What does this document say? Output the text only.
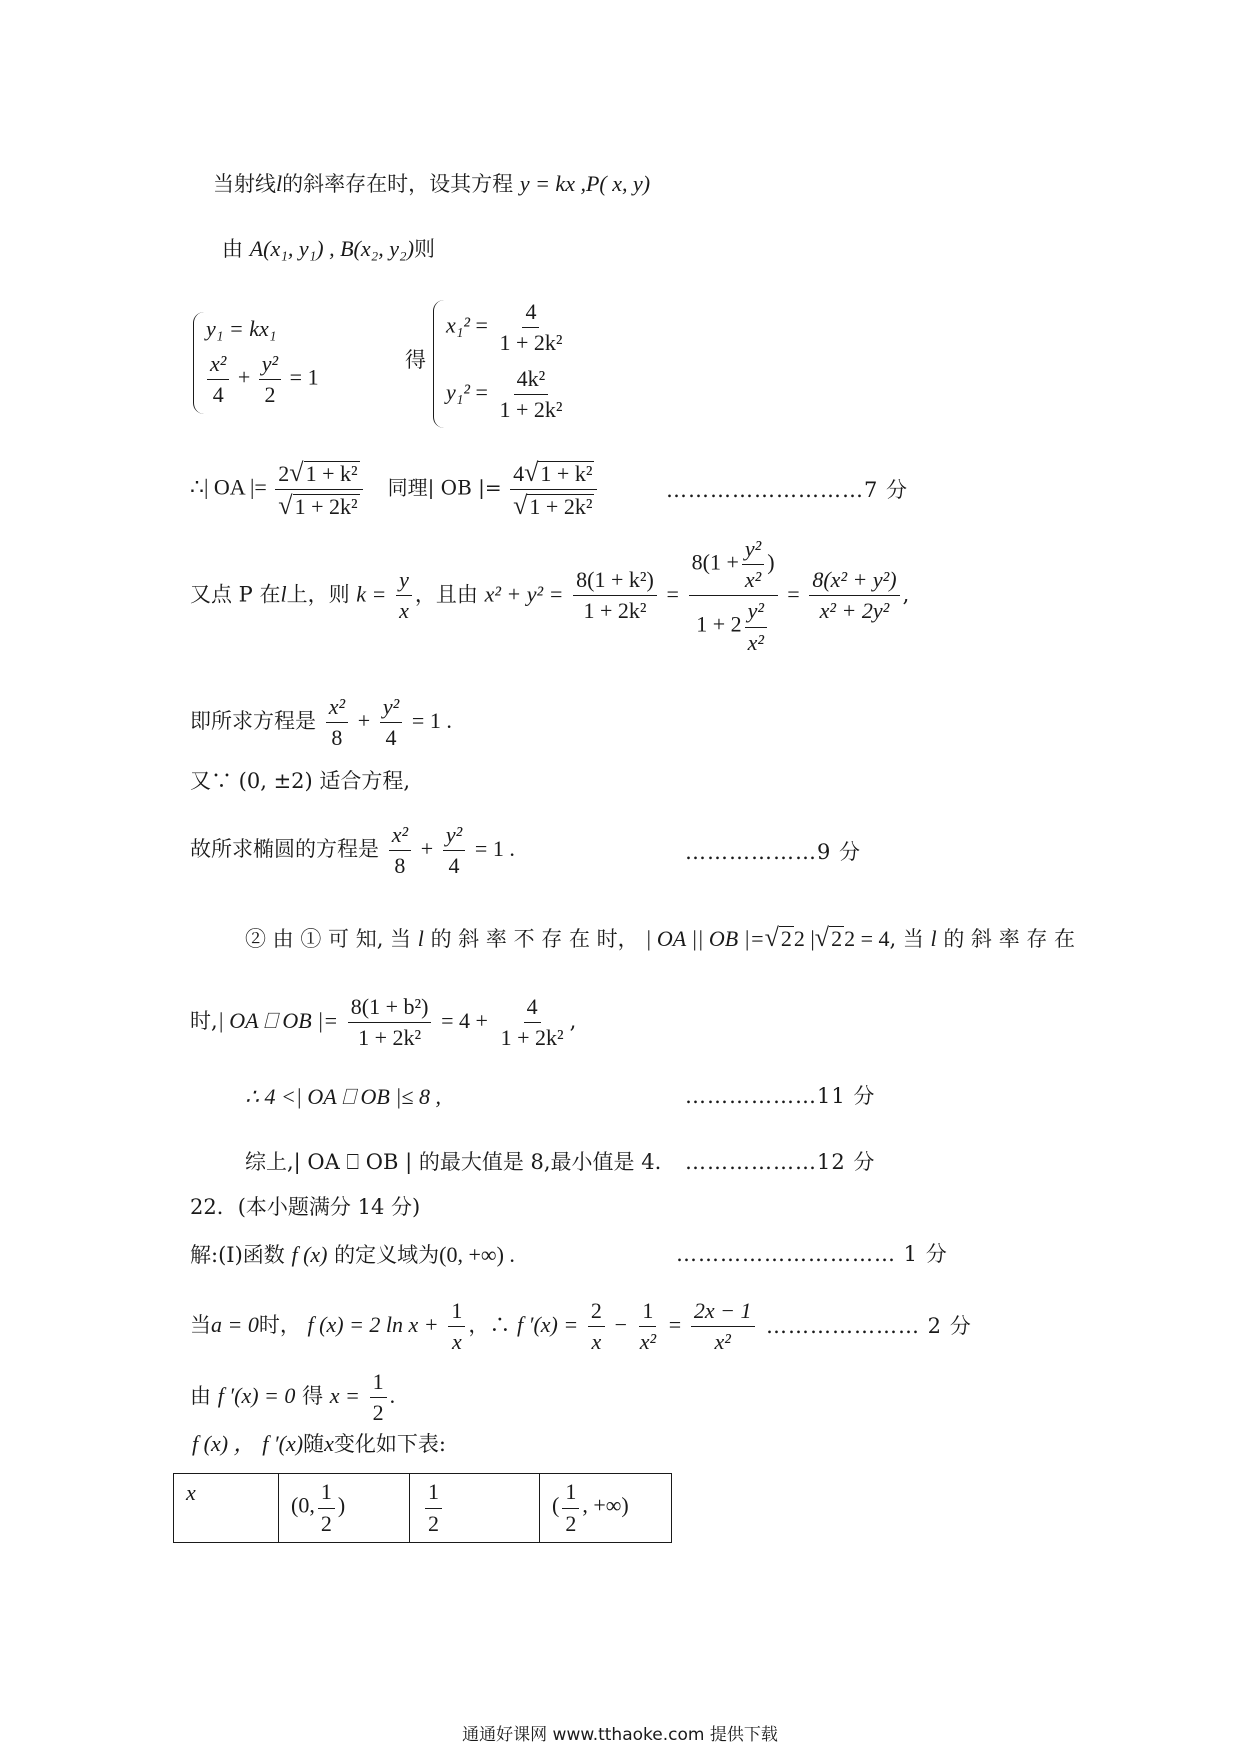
当射线l的斜率存在时，设其方程 y = kx ,P( x, y)
由 A(x₁, y₁) , B(x₂, y₂)则
y₁ = kx₁
$\frac{\text{x²}}{4} + \frac{\text{y²}}{2} = 1$
得
$x_1^2 = \frac{4}{\text{1 + 2k²}}$
$y_1^2 = \frac{\text{4k²}}{\text{1 + 2k²}}$
∴| OA |= $\frac{\text{2 √ 1 + k²}}{\text{√ 1 + 2k²}}$ 同理| OB |= $\frac{\text{4 √ 1 + k²}}{\text{√ 1 + 2k²}}$	………………………7 分
又点 P 在l上，则 $k = \frac{y}{x}$ ，且由 $x^2 + y^2 = \frac{\text{8(1 + k²)}}{\text{1 + 2k²}} = \frac{8(1 + \frac{\text{y²}}{\text{x²}} )}{1 + 2 \frac{\text{y²}}{\text{x²}}} = \frac{\text{8(x² + y²)}}{\text{x² + 2y²}}$ ,
即所求方程是 $\frac{\text{x²}}{8} + \frac{\text{y²}}{4} = 1$ .
又∵ (0, ±2) 适合方程,
故所求椭圆的方程是 $\frac{\text{x²}}{8} + \frac{\text{y²}}{4} = 1$ .	………………9 分
② 由 ① 可 知, 当 l 的 斜 率 不 存 在 时， | OA || OB |= √ 2 2 | √ 2 2 = 4, 当 l 的 斜 率 存 在
时,| OA ⎕ OB |= $\frac{\text{8(1 + b²)}}{\text{1 + 2k²}} = 4 + \frac{4}{\text{1 + 2k²}}$ ,
∴ 4 <| OA ⎕ OB |≤ 8 ,	………………11 分
综上,| OA ⎕ OB | 的最大值是 8,最小值是 4. ………………12 分
22．(本小题满分 14 分)
解:(Ⅰ)函数 f (x) 的定义域为(0, +∞) .	………………………… 1 分
当a = 0时， f (x) = 2 $\ln x + \frac{1}{x}$ ，∴ f $'(x) = \frac{2}{x} - \frac{1}{\text{x²}} = \frac{2x - 1}{\text{x²}}$ ………………… 2 分
由 f ′(x) = 0 得 $x = \frac{1}{2}$ .
f (x) ， f ′(x)随x变化如下表:
x	(0, $\frac{1}{2}$ )	$\frac{1}{2}$	( $\frac{1}{2}$ , +∞)
通通好课网 www.tthaoke.com 提供下载
